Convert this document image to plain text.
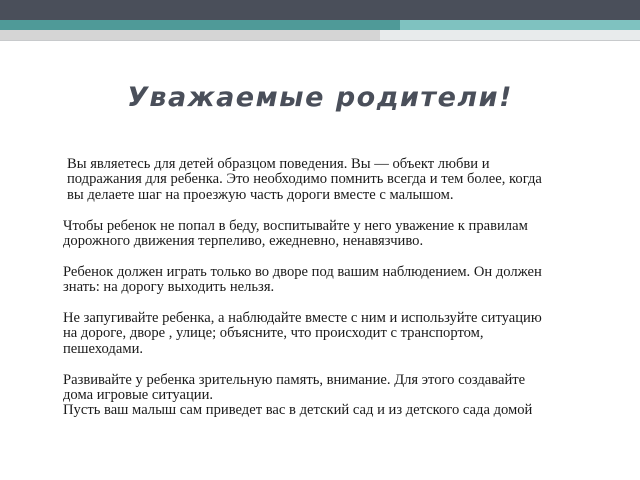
Уважаемые родители!

Вы являетесь для детей образцом поведения. Вы — объект любви и
подражания для ребенка. Это необходимо помнить всегда и тем более, когда
вы делаете шаг на проезжую часть дороги вместе с малышом.

Чтобы ребенок не попал в беду, воспитывайте у него уважение к правилам
дорожного движения терпеливо, ежедневно, ненавязчиво.

Ребенок должен играть только во дворе под вашим наблюдением. Он должен
знать: на дорогу выходить нельзя.

Не запугивайте ребенка, а наблюдайте вместе с ним и используйте ситуацию
на дороге, дворе , улице; объясните, что происходит с транспортом,
пешеходами.

Развивайте у ребенка зрительную память, внимание. Для этого создавайте
дома игровые ситуации.
Пусть ваш малыш сам приведет вас в детский сад и из детского сада домой
